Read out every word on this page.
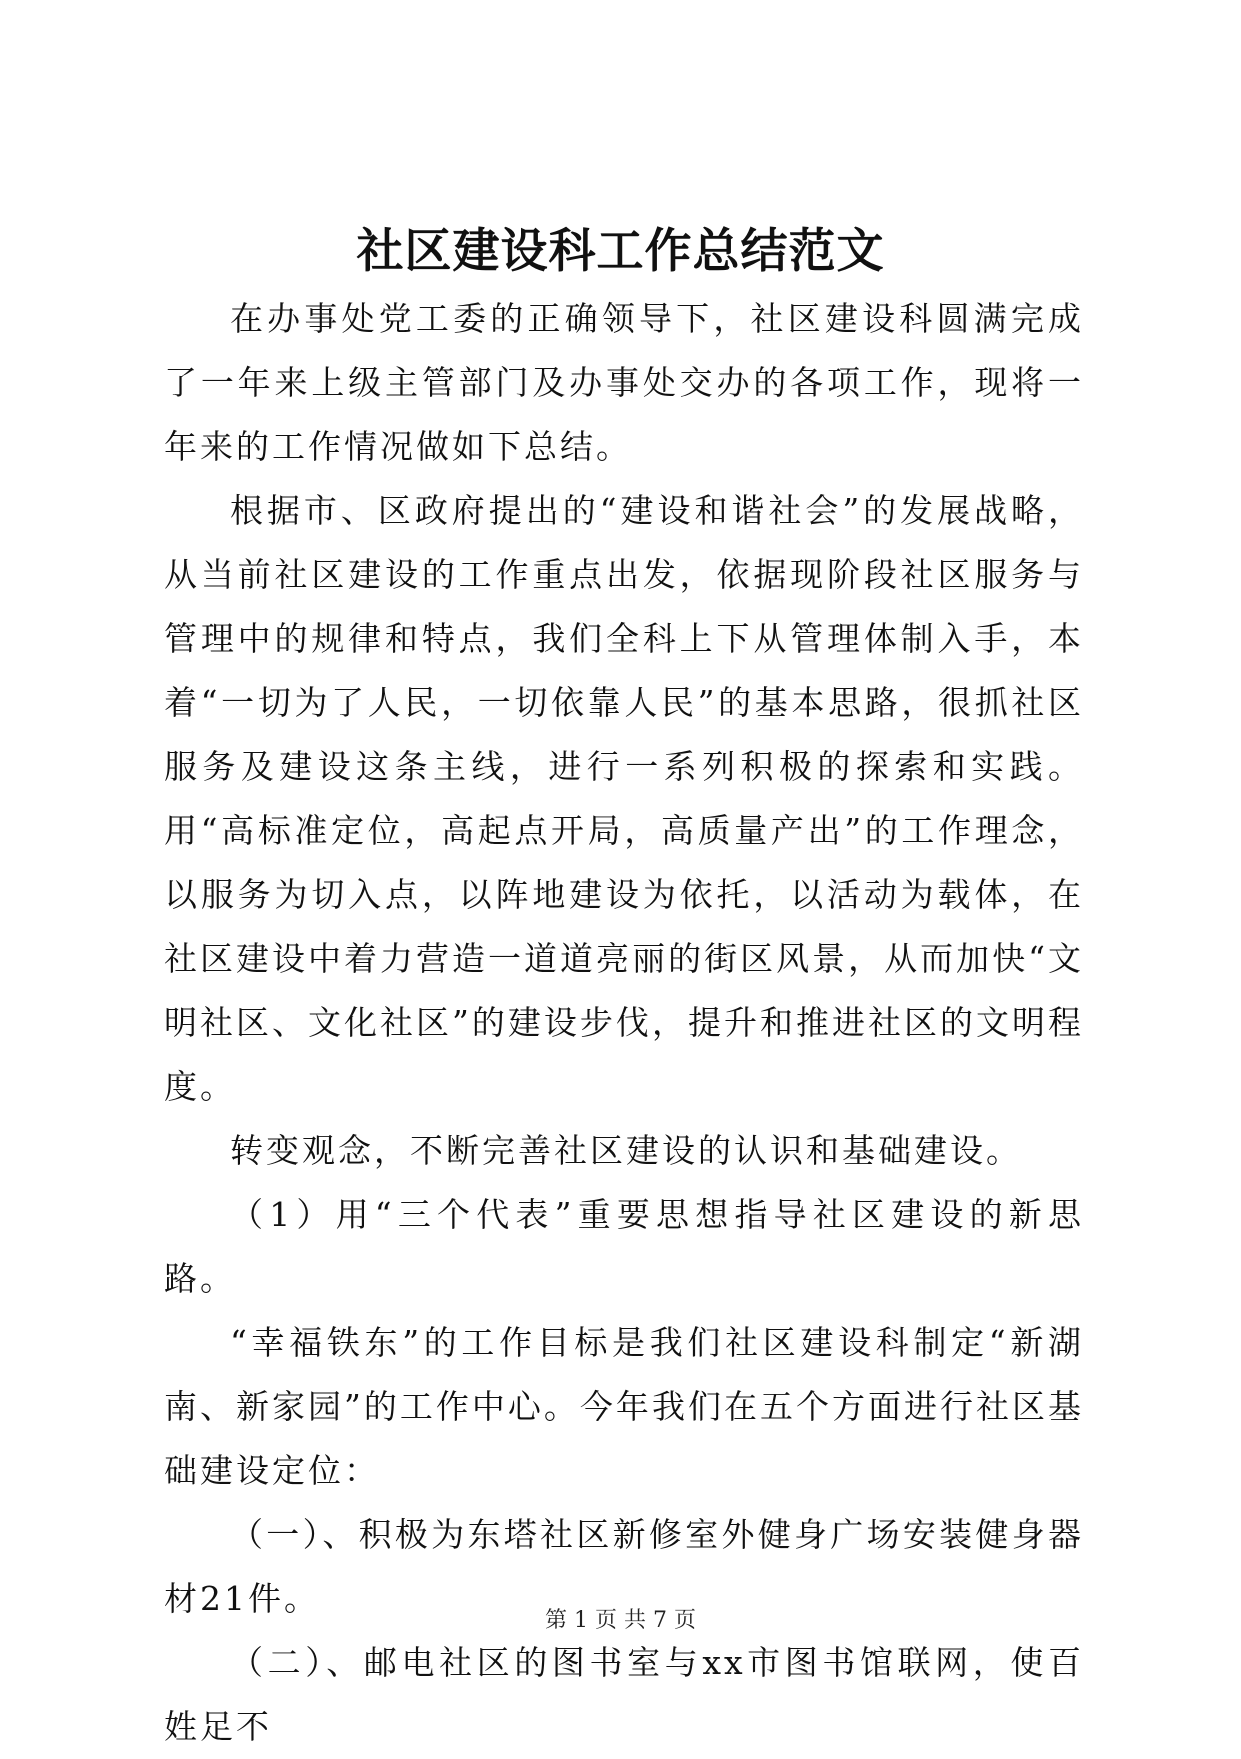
社区建设科工作总结范文

在办事处党工委的正确领导下，社区建设科圆满完成了一年来上级主管部门及办事处交办的各项工作，现将一年来的工作情况做如下总结。

根据市、区政府提出的“建设和谐社会”的发展战略，从当前社区建设的工作重点出发，依据现阶段社区服务与管理中的规律和特点，我们全科上下从管理体制入手，本着“一切为了人民，一切依靠人民”的基本思路，很抓社区服务及建设这条主线，进行一系列积极的探索和实践。用“高标准定位，高起点开局，高质量产出”的工作理念，以服务为切入点，以阵地建设为依托，以活动为载体，在社区建设中着力营造一道道亮丽的街区风景，从而加快“文明社区、文化社区”的建设步伐，提升和推进社区的文明程度。

转变观念，不断完善社区建设的认识和基础建设。

（1）用“三个代表”重要思想指导社区建设的新思路。

“幸福铁东”的工作目标是我们社区建设科制定“新湖南、新家园”的工作中心。今年我们在五个方面进行社区基础建设定位：

（一）、积极为东塔社区新修室外健身广场安装健身器材21件。

（二）、邮电社区的图书室与xx市图书馆联网，使百姓足不

第 1 页 共 7 页
